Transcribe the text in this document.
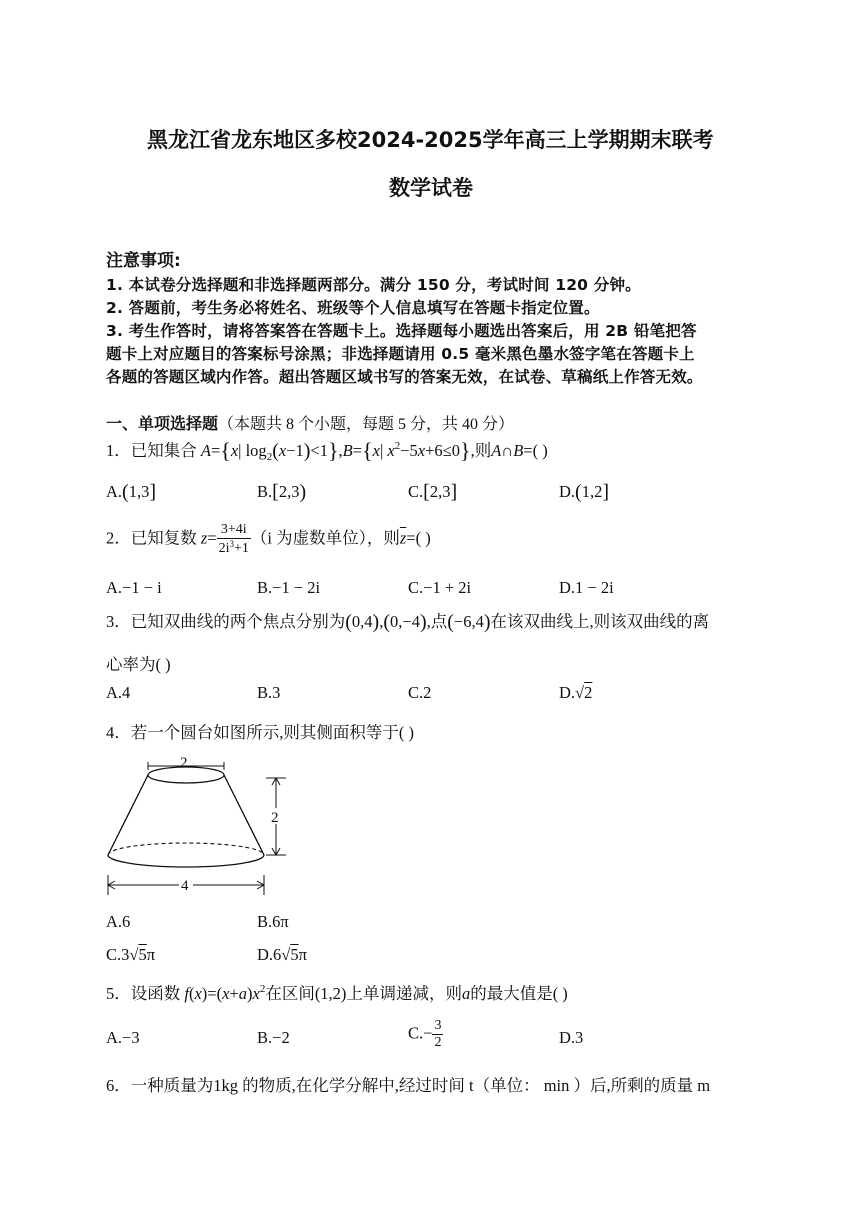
黑龙江省龙东地区多校2024-2025学年高三上学期期末联考
数学试卷
注意事项:
1. 本试卷分选择题和非选择题两部分。满分 150 分，考试时间 120 分钟。
2. 答题前，考生务必将姓名、班级等个人信息填写在答题卡指定位置。
3. 考生作答时，请将答案答在答题卡上。选择题每小题选出答案后，用 2B 铅笔把答
题卡上对应题目的答案标号涂黑；非选择题请用 0.5 毫米黑色墨水签字笔在答题卡上
各题的答题区域内作答。超出答题区域书写的答案无效，在试卷、草稿纸上作答无效。
一、单项选择题（本题共 8 个小题，每题 5 分，共 40 分）
1．已知集合 A={x| $\log_2(x-1)<1\},B=\{x|$ $x^2-5x+6\le 0$},则A∩B=( )
A.(1,3]	B.[2,3)	C.[2,3]	D.(1,2]
2．已知复数 $z= \frac{3+4i}{2i^3+1} (i$ 为虚数单位），则$\overline{z}=$( )
A.−1 − i	B.−1 − 2i	C.−1 + 2i	D.1 − 2i
3．已知双曲线的两个焦点分别为(0,4),(0,−4),点(−6,4)在该双曲线上,则该双曲线的离
心率为( )
A.4	B.3	C.2	D.√2
4．若一个圆台如图所示,则其侧面积等于( )
2
2
4
A.6	B.6π
C.3√5π	D.6√5π
5．设函数 $f(x)=(x+a)x^2$在区间(1,2)上单调递减，则a的最大值是( )
A.−3	B.−2	$C.- \frac{3}{2}$	D.3
6．一种质量为1kg 的物质,在化学分解中,经过时间 t（单位： min ）后,所剩的质量 m
